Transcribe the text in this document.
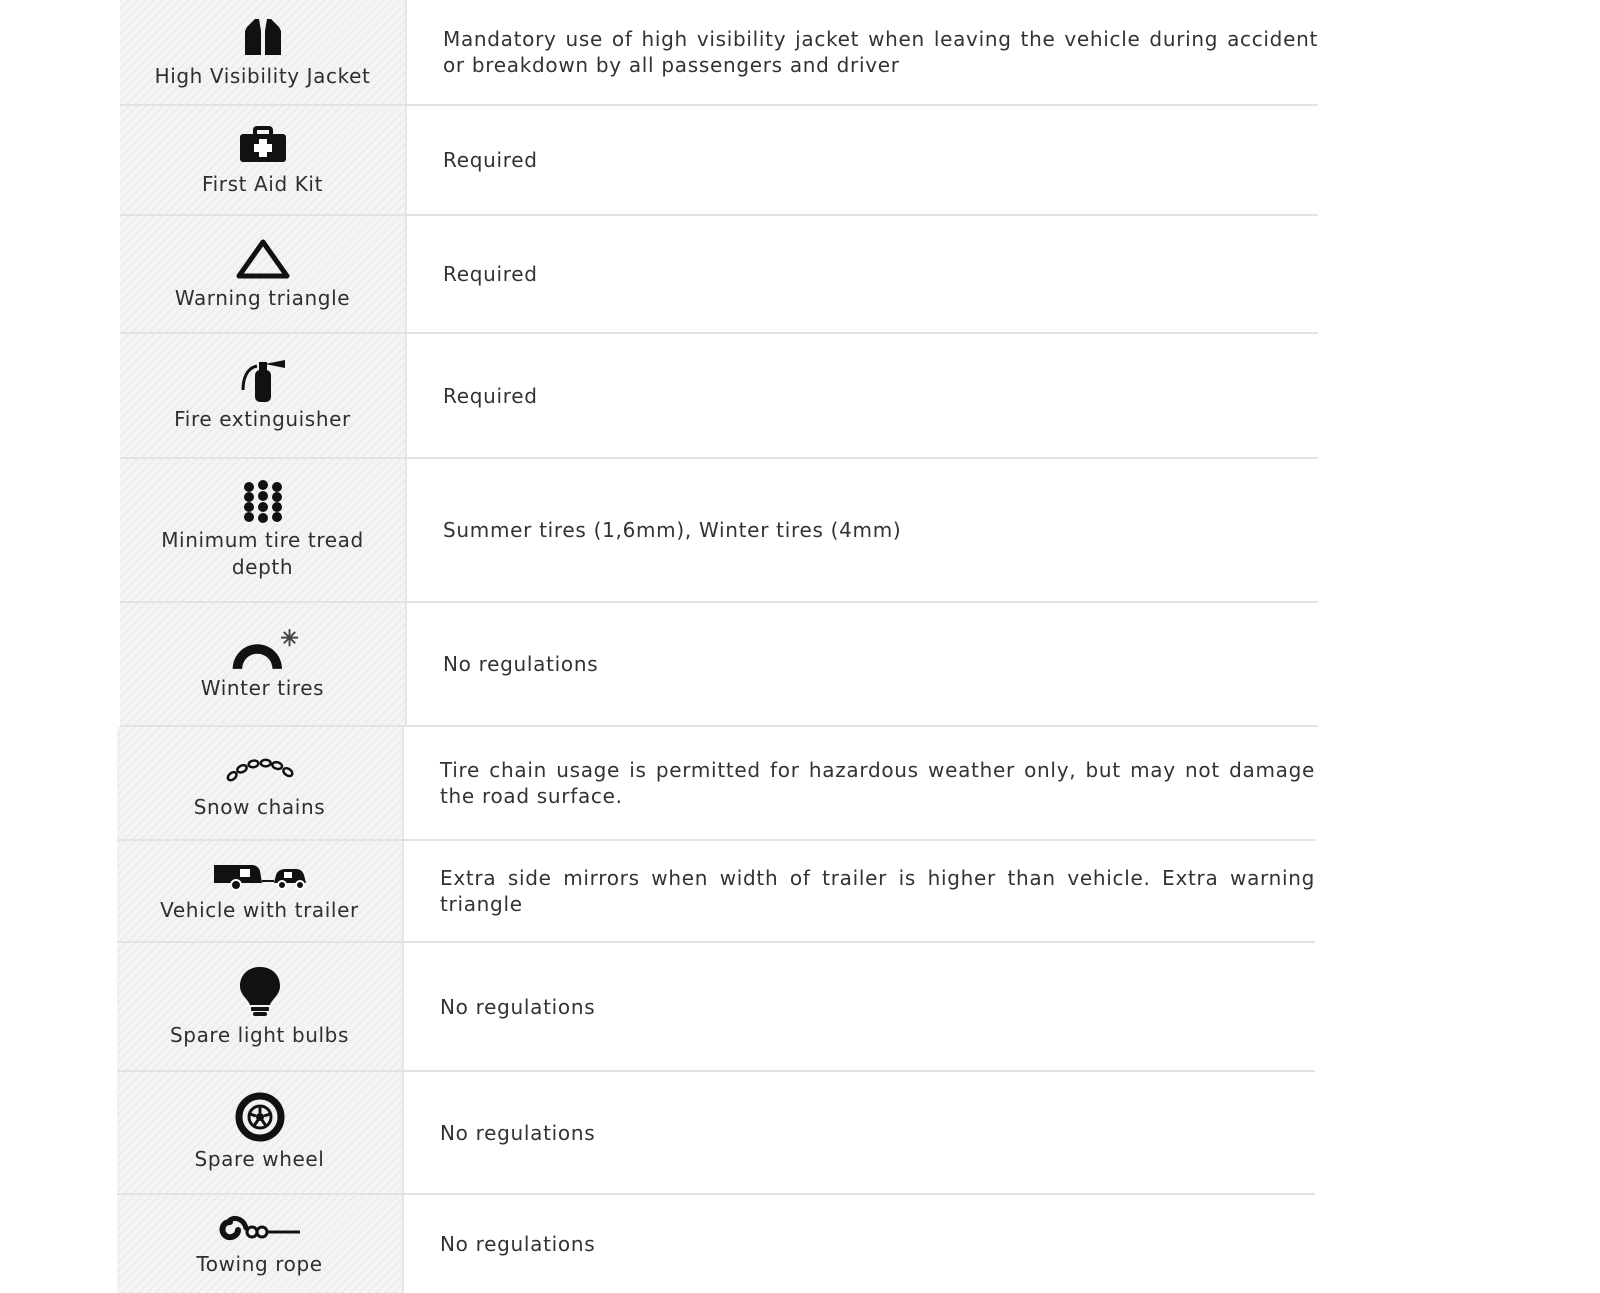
High Visibility Jacket
Mandatory use of high visibility jacket when leaving the vehicle during accident or breakdown by all passengers and driver
First Aid Kit
Required
Warning triangle
Required
Fire extinguisher
Required
Minimum tire tread depth
Summer tires (1,6mm), Winter tires (4mm)
Winter tires
No regulations
Snow chains
Tire chain usage is permitted for hazardous weather only, but may not damage the road surface.
Vehicle with trailer
Extra side mirrors when width of trailer is higher than vehicle. Extra warning triangle
Spare light bulbs
No regulations
Spare wheel
No regulations
Towing rope
No regulations
